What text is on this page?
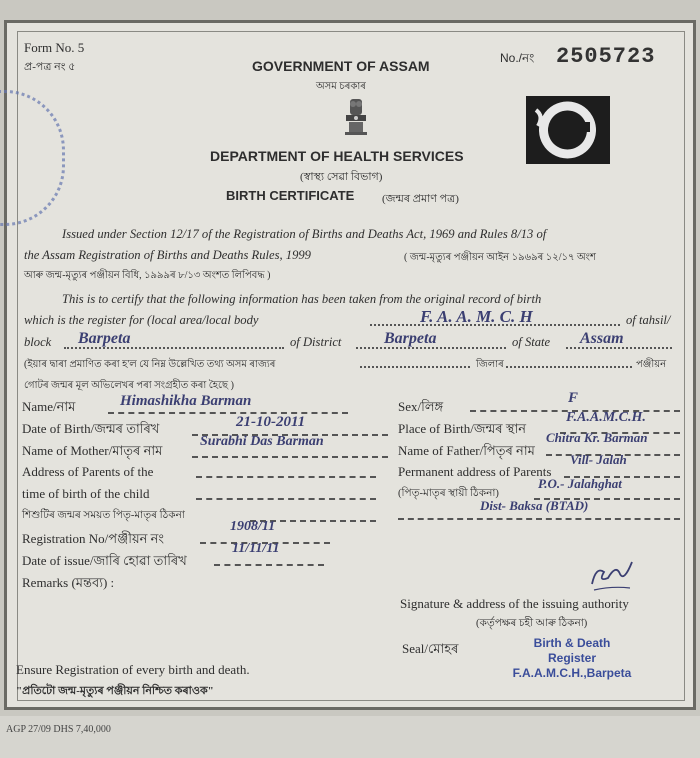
Form No. 5
প্ৰ-পত্ৰ নং ৫	GOVERNMENT OF ASSAM
অসম চৰকাৰ
No./নং 2505723
DEPARTMENT OF HEALTH SERVICES
(স্বাস্থ্য সেৱা বিভাগ)
BIRTH CERTIFICATE	(জন্মৰ প্ৰমাণ পত্ৰ)
Issued under Section 12/17 of the Registration of Births and Deaths Act, 1969 and Rules 8/13 of
the Assam Registration of Births and Deaths Rules, 1999	( জন্ম-মৃত্যুৰ পঞ্জীয়ন আইন ১৯৬৯ৰ ১২/১৭ অংশ
আৰু জন্ম-মৃত্যুৰ পঞ্জীয়ন বিধি, ১৯৯৯ৰ ৮/১৩ অংশত লিপিবদ্ধ )
This is to certify that the following information has been taken from the original record of birth
which is the register for (local area/local body	F. A. A. M. C. H	of tahsil/
block Barpeta	of District	Barpeta	of State Assam
(ইয়াৰ দ্বাৰা প্ৰমাণিত কৰা হ'ল যে নিম্ন উল্লেখিত তথ্য অসম ৰাজ্যৰ	জিলাৰ	পঞ্জীয়ন
গোটৰ জন্মৰ মূল অভিলেখৰ পৰা সংগ্ৰহীত কৰা হৈছে )
Name/নাম	Himashikha Barman
Date of Birth/জন্মৰ তাৰিখ	21-10-2011
Name of Mother/মাতৃৰ নাম
Surabhi Das Barman
Address of Parents of the
time of birth of the child
শিশুটিৰ জন্মৰ সময়ত পিতৃ-মাতৃৰ ঠিকনা
Registration No/পঞ্জীয়ন নং
1908/11
Date of issue/জাৰি হোৱা তাৰিখ
11/11/11
Remarks (মন্তব্য) :
Sex/লিঙ্গ
F
Place of Birth/জন্মৰ স্থান
F.A.A.M.C.H.
Name of Father/পিতৃৰ নাম
Chitra Kr. Barman
Permanent address of Parents
Vill- Jalah
(পিতৃ-মাতৃৰ স্থায়ী ঠিকনা)
P.O.- Jalahghat
Dist- Baksa (BTAD)
Signature & address of the issuing authority
(কৰ্তৃপক্ষৰ চহী আৰু ঠিকনা)
Seal/মোহৰ	Birth & Death
Register
F.A.A.M.C.H.,Barpeta
Ensure Registration of every birth and death.
"প্ৰতিটো জন্ম-মৃত্যুৰ পঞ্জীয়ন নিশ্চিত কৰাওক"
AGP 27/09 DHS 7,40,000
